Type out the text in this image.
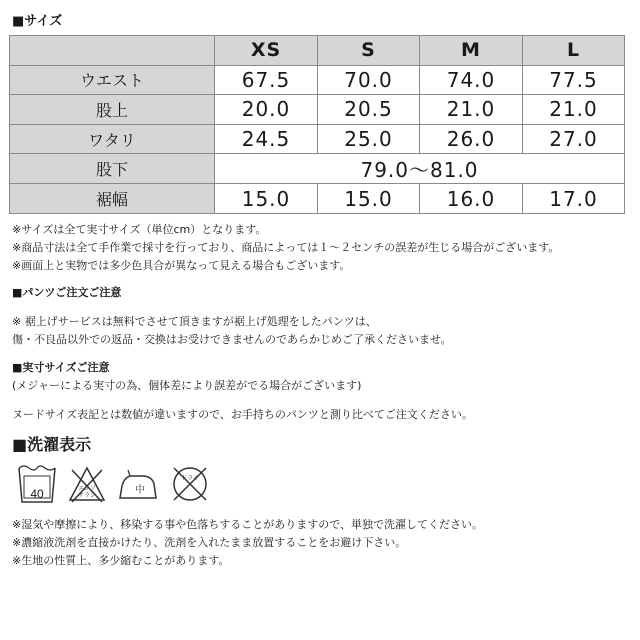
■サイズ
	XS	S	M	L
ウエスト	67.5	70.0	74.0	77.5
股上	20.0	20.5	21.0	21.0
ワタリ	24.5	25.0	26.0	27.0
股下	79.0〜81.0			
裾幅	15.0	15.0	16.0	17.0
※サイズは全て実寸サイズ（単位cm）となります。
※商品寸法は全て手作業で採寸を行っており、商品によっては１〜２センチの誤差が生じる場合がございます。
※画面上と実物では多少色具合が異なって見える場合もございます。
■パンツご注文ご注意
※ 裾上げサービスは無料でさせて頂きますが裾上げ処理をしたパンツは、
傷・不良品以外での返品・交換はお受けできませんのであらかじめご了承くださいませ。
■実寸サイズご注意
(メジャーによる実寸の為、個体差により誤差がでる場合がございます)
ヌードサイズ表記とは数値が違いますので、お手持ちのパンツと測り比べてご注文ください。
■洗濯表示
40	エンソ
サラシ	中
ドライ
※湿気や摩擦により、移染する事や色落ちすることがありますので、単独で洗濯してください。
※濃縮液洗剤を直接かけたり、洗剤を入れたまま放置することをお避け下さい。
※生地の性質上、多少縮むことがあります。
